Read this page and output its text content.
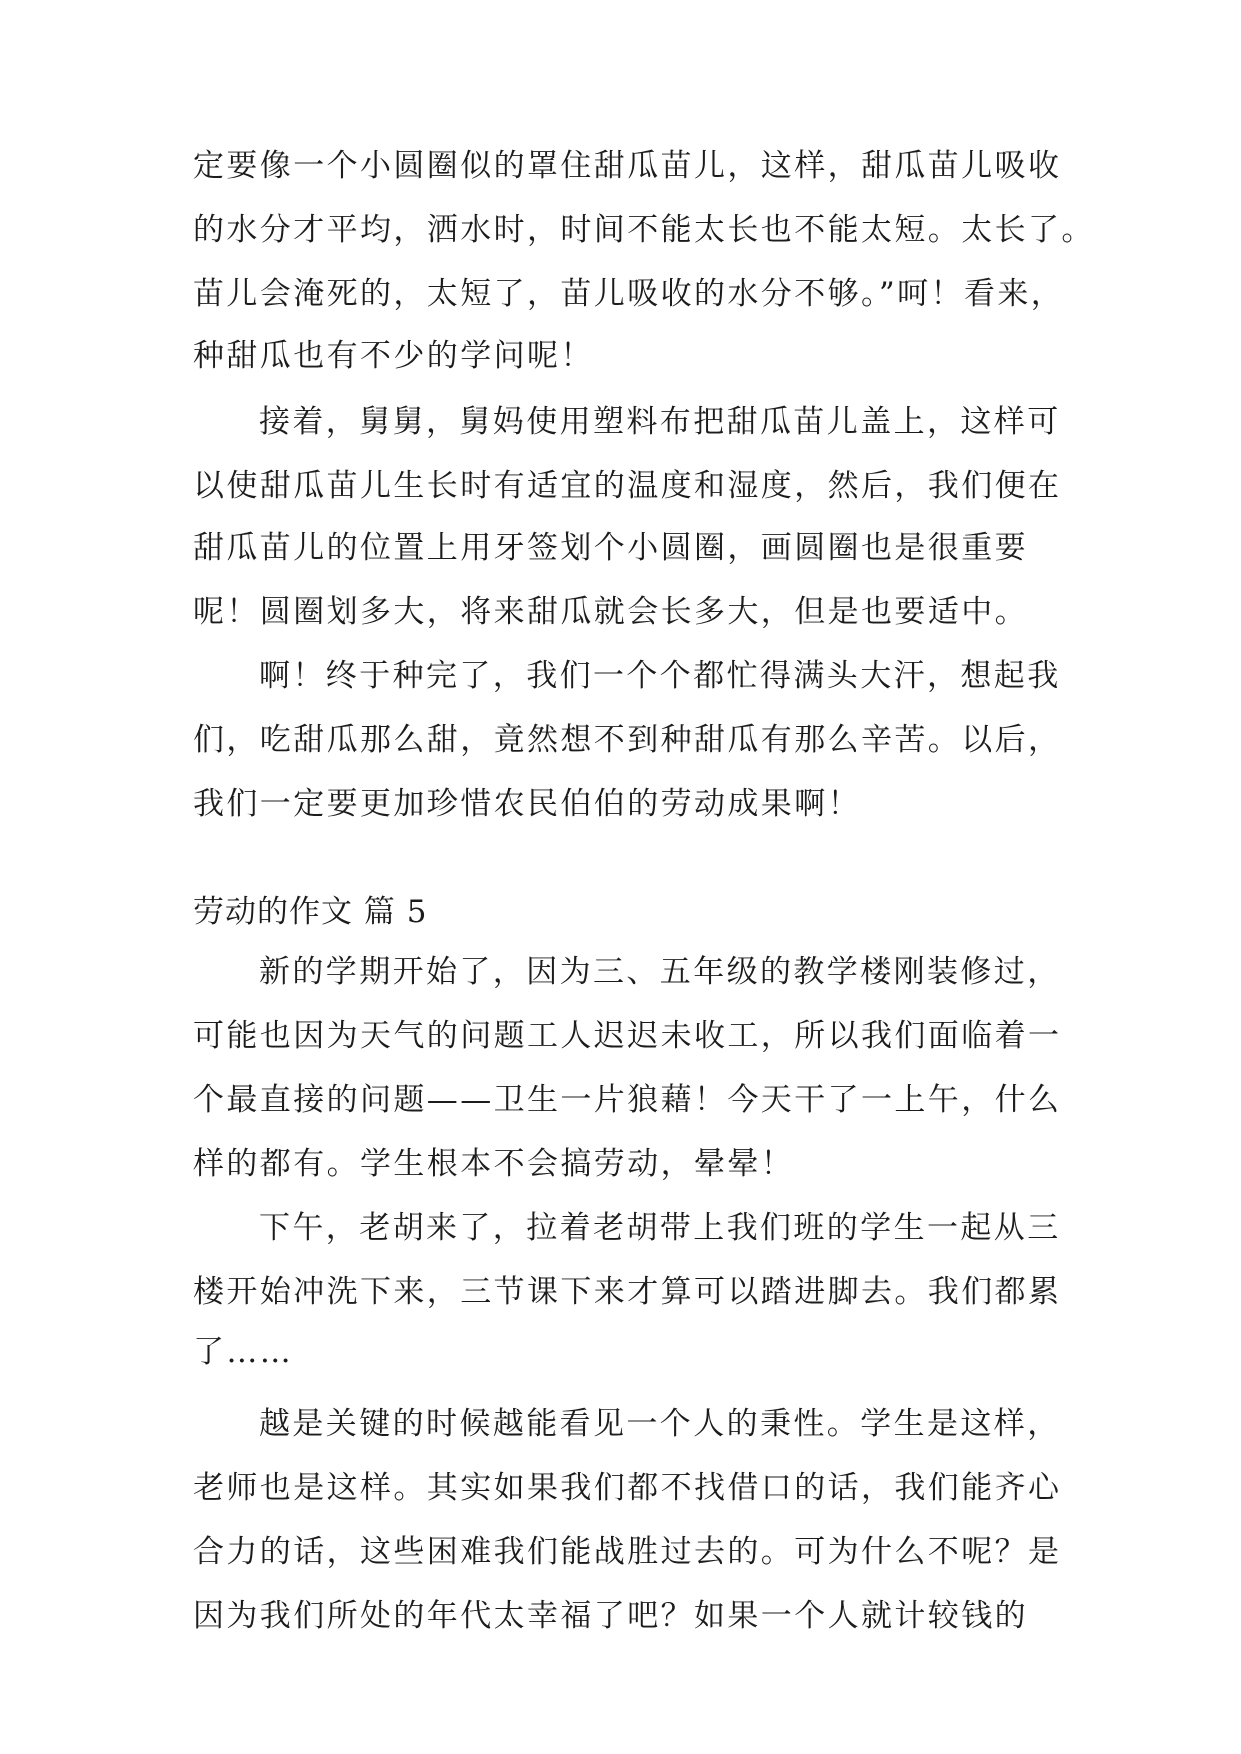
定要像一个小圆圈似的罩住甜瓜苗儿，这样，甜瓜苗儿吸收
的水分才平均，洒水时，时间不能太长也不能太短。太长了。
苗儿会淹死的，太短了，苗儿吸收的水分不够。”呵！看来，
种甜瓜也有不少的学问呢！
接着，舅舅，舅妈使用塑料布把甜瓜苗儿盖上，这样可
以使甜瓜苗儿生长时有适宜的温度和湿度，然后，我们便在
甜瓜苗儿的位置上用牙签划个小圆圈，画圆圈也是很重要
呢！圆圈划多大，将来甜瓜就会长多大，但是也要适中。
啊！终于种完了，我们一个个都忙得满头大汗，想起我
们，吃甜瓜那么甜，竟然想不到种甜瓜有那么辛苦。以后，
我们一定要更加珍惜农民伯伯的劳动成果啊！
劳动的作文 篇 5
新的学期开始了，因为三、五年级的教学楼刚装修过，
可能也因为天气的问题工人迟迟未收工，所以我们面临着一
个最直接的问题——卫生一片狼藉！今天干了一上午，什么
样的都有。学生根本不会搞劳动，晕晕！
下午，老胡来了，拉着老胡带上我们班的学生一起从三
楼开始冲洗下来，三节课下来才算可以踏进脚去。我们都累
了……
越是关键的时候越能看见一个人的秉性。学生是这样，
老师也是这样。其实如果我们都不找借口的话，我们能齐心
合力的话，这些困难我们能战胜过去的。可为什么不呢？是
因为我们所处的年代太幸福了吧？如果一个人就计较钱的
